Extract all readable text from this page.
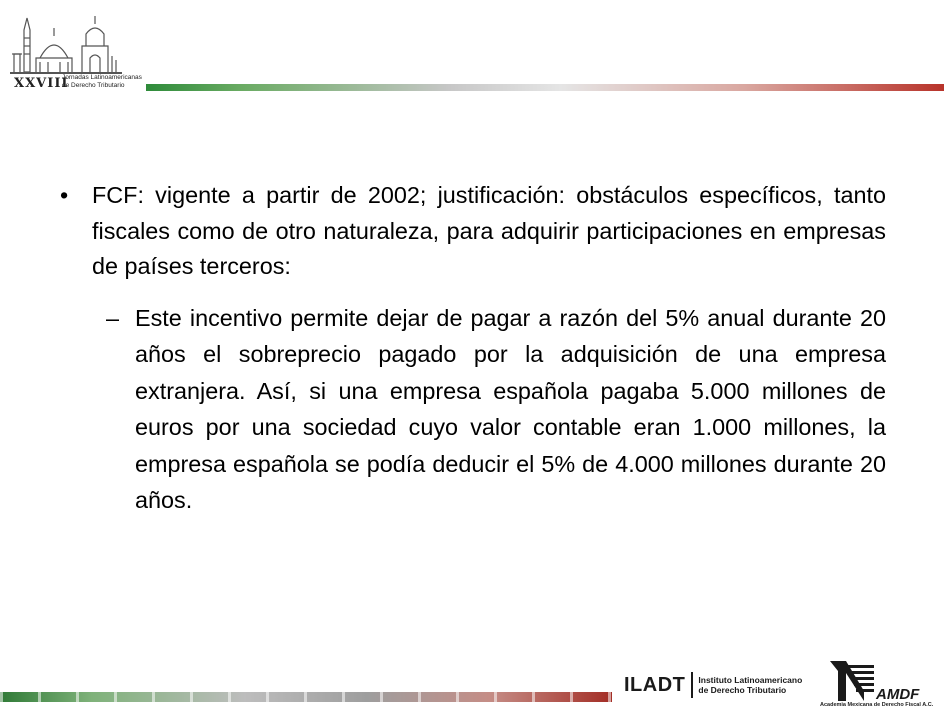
XXVIII
Jornadas Latinoamericanas
de Derecho Tributario
•	FCF: vigente a partir de 2002; justificación: obstáculos específicos, tanto fiscales como de otro naturaleza, para adquirir participaciones en empresas de países terceros:
– Este incentivo permite dejar de pagar a razón del 5% anual durante 20 años el sobreprecio pagado por la adquisición de una empresa extranjera. Así, si una empresa española pagaba 5.000 millones de euros por una sociedad cuyo valor contable eran 1.000 millones, la empresa española se podía deducir el 5% de 4.000 millones durante 20 años.
ILADT Instituto Latinoamericano
de Derecho Tributario	AMDF
Academia Mexicana de Derecho Fiscal A.C.
